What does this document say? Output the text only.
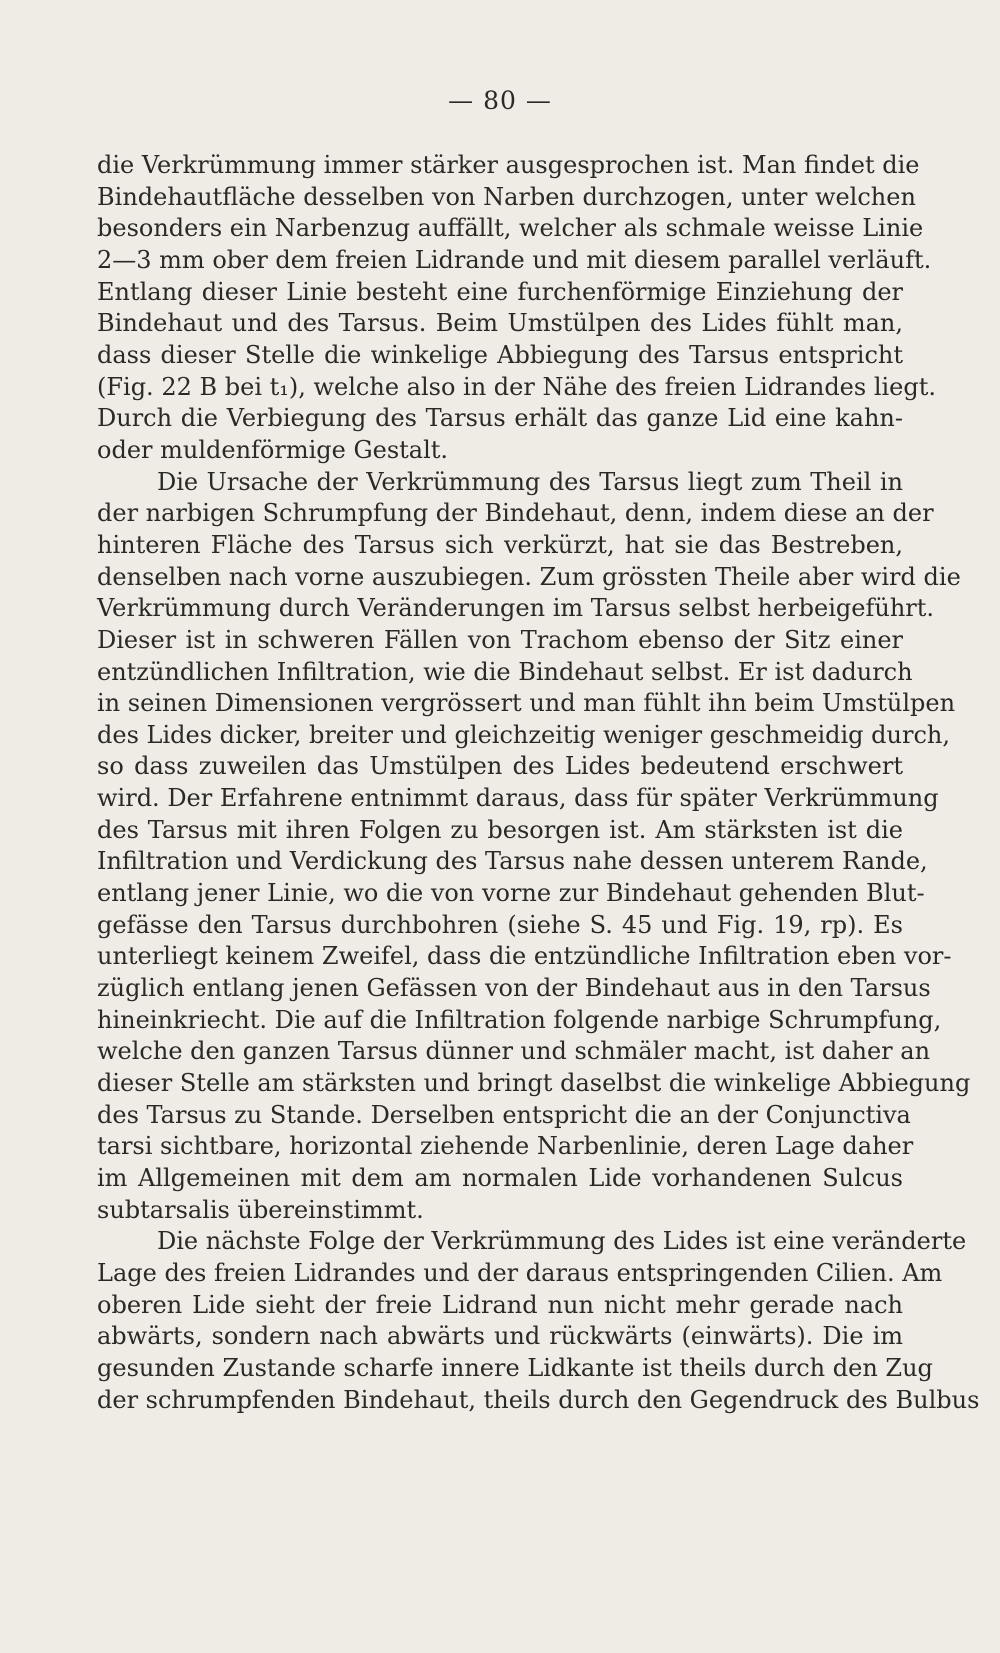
— 80 —
die Verkrümmung immer stärker ausgesprochen ist. Man findet die
Bindehautfläche desselben von Narben durchzogen, unter welchen
besonders ein Narbenzug auffällt, welcher als schmale weisse Linie
2—3 mm ober dem freien Lidrande und mit diesem parallel verläuft.
Entlang dieser Linie besteht eine furchenförmige Einziehung der
Bindehaut und des Tarsus. Beim Umstülpen des Lides fühlt man,
dass dieser Stelle die winkelige Abbiegung des Tarsus entspricht
(Fig. 22 B bei t₁), welche also in der Nähe des freien Lidrandes liegt.
Durch die Verbiegung des Tarsus erhält das ganze Lid eine kahn-
oder muldenförmige Gestalt.
Die Ursache der Verkrümmung des Tarsus liegt zum Theil in
der narbigen Schrumpfung der Bindehaut, denn, indem diese an der
hinteren Fläche des Tarsus sich verkürzt, hat sie das Bestreben,
denselben nach vorne auszubiegen. Zum grössten Theile aber wird die
Verkrümmung durch Veränderungen im Tarsus selbst herbeigeführt.
Dieser ist in schweren Fällen von Trachom ebenso der Sitz einer
entzündlichen Infiltration, wie die Bindehaut selbst. Er ist dadurch
in seinen Dimensionen vergrössert und man fühlt ihn beim Umstülpen
des Lides dicker, breiter und gleichzeitig weniger geschmeidig durch,
so dass zuweilen das Umstülpen des Lides bedeutend erschwert
wird. Der Erfahrene entnimmt daraus, dass für später Verkrümmung
des Tarsus mit ihren Folgen zu besorgen ist. Am stärksten ist die
Infiltration und Verdickung des Tarsus nahe dessen unterem Rande,
entlang jener Linie, wo die von vorne zur Bindehaut gehenden Blut-
gefässe den Tarsus durchbohren (siehe S. 45 und Fig. 19, rp). Es
unterliegt keinem Zweifel, dass die entzündliche Infiltration eben vor-
züglich entlang jenen Gefässen von der Bindehaut aus in den Tarsus
hineinkriecht. Die auf die Infiltration folgende narbige Schrumpfung,
welche den ganzen Tarsus dünner und schmäler macht, ist daher an
dieser Stelle am stärksten und bringt daselbst die winkelige Abbiegung
des Tarsus zu Stande. Derselben entspricht die an der Conjunctiva
tarsi sichtbare, horizontal ziehende Narbenlinie, deren Lage daher
im Allgemeinen mit dem am normalen Lide vorhandenen Sulcus
subtarsalis übereinstimmt.
Die nächste Folge der Verkrümmung des Lides ist eine veränderte
Lage des freien Lidrandes und der daraus entspringenden Cilien. Am
oberen Lide sieht der freie Lidrand nun nicht mehr gerade nach
abwärts, sondern nach abwärts und rückwärts (einwärts). Die im
gesunden Zustande scharfe innere Lidkante ist theils durch den Zug
der schrumpfenden Bindehaut, theils durch den Gegendruck des Bulbus
